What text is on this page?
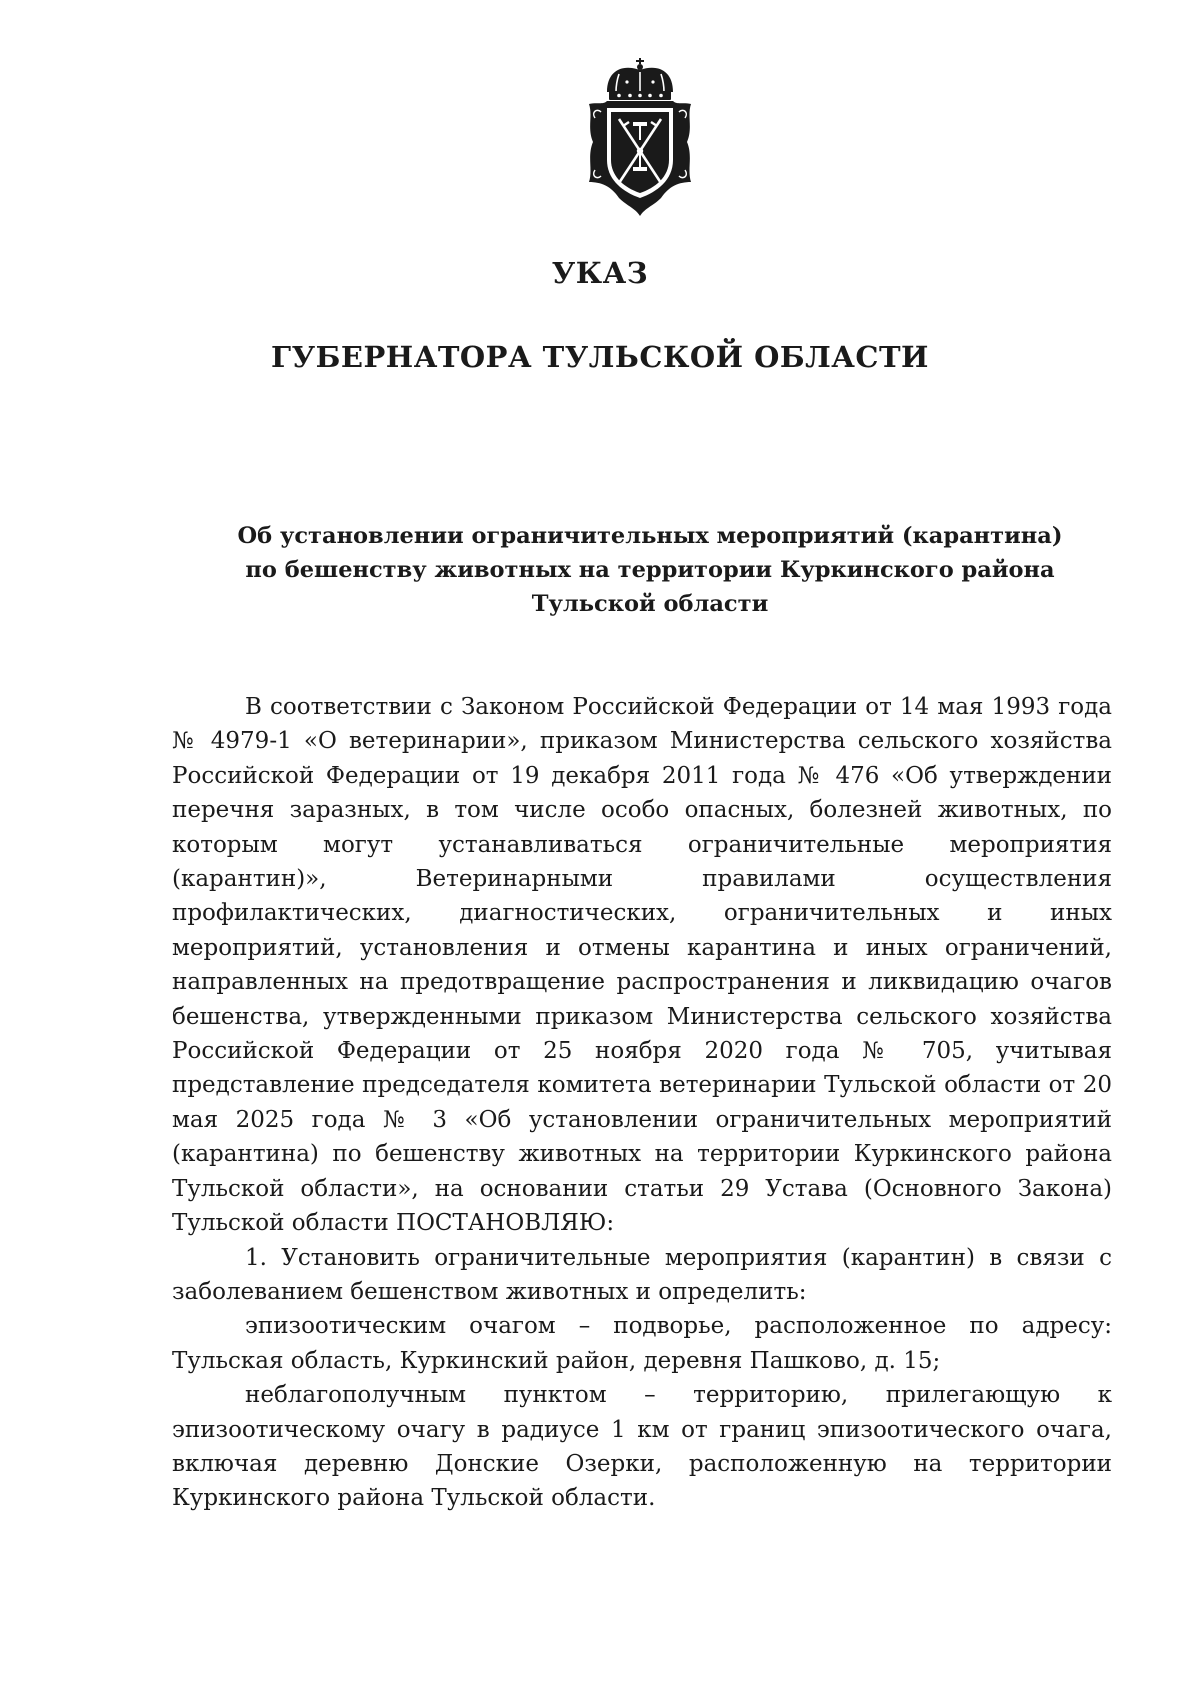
УКАЗ
ГУБЕРНАТОРА ТУЛЬСКОЙ ОБЛАСТИ
Об установлении ограничительных мероприятий (карантина)
по бешенству животных на территории Куркинского района
Тульской области

В соответствии с Законом Российской Федерации от 14 мая 1993 года № 4979-1 «О ветеринарии», приказом Министерства сельского хозяйства Российской Федерации от 19 декабря 2011 года № 476 «Об утверждении перечня заразных, в том числе особо опасных, болезней животных, по которым могут устанавливаться ограничительные мероприятия (карантин)», Ветеринарными правилами осуществления профилактических, диагностических, ограничительных и иных мероприятий, установления и отмены карантина и иных ограничений, направленных на предотвращение распространения и ликвидацию очагов бешенства, утвержденными приказом Министерства сельского хозяйства Российской Федерации от 25 ноября 2020 года № 705, учитывая представление председателя комитета ветеринарии Тульской области от 20 мая 2025 года № 3 «Об установлении ограничительных мероприятий (карантина) по бешенству животных на территории Куркинского района Тульской области», на основании статьи 29 Устава (Основного Закона) Тульской области ПОСТАНОВЛЯЮ:

1. Установить ограничительные мероприятия (карантин) в связи с заболеванием бешенством животных и определить:

эпизоотическим очагом – подворье, расположенное по адресу: Тульская область, Куркинский район, деревня Пашково, д. 15;

неблагополучным пунктом – территорию, прилегающую к эпизоотическому очагу в радиусе 1 км от границ эпизоотического очага, включая деревню Донские Озерки, расположенную на территории Куркинского района Тульской области.
